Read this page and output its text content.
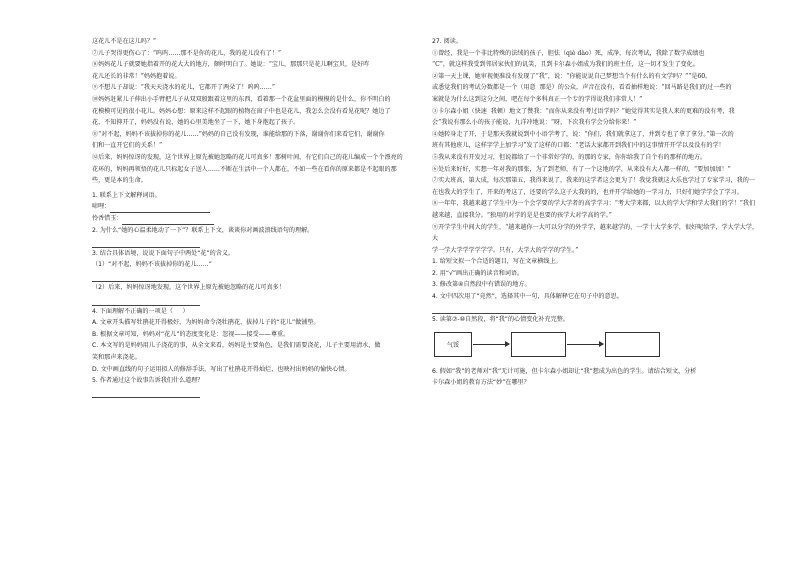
这花儿不是在这儿吗？”

⑦儿子哭得更伤心了：“呜呜……那不是你的花儿，我的花儿没有了！”

⑧妈妈花儿子就要她指着开的花大大的地方，颇时明白了。她说：“宝儿，那那只是花儿啊宝贝，是好咋

花儿还长的非常！”妈妈抱着说。

⑨不想儿子却说：“我天天浇水的花儿，它都开了两朵了！呜呜……”

⑩妈妈赶紧儿子伸出小手臂把儿子从双双般跟着这里的东西，看着那一个花盆里面的模模的是什么，你不明白的

花模模可见的很小花儿。妈妈心想：原来这样不起眼的植物在窗子中也是花儿，我怎么会没有看见花呢？她边了

花，不知抑开了，妈妈没有说，她的心里美地坐了一下，她下身抱起了孩子。

⑪“对不起，妈妈不该拔掉你的花儿……”妈妈的自己没有发现，谁能给那的下落，谢谢你们来看它们，谢谢你

们和一直开它们的关系！”

⑫后来，妈妈惊讶的发现，这个世界上原先被她忽略的花儿可真多！那树叶间，有它们自己的花儿编成一个个漂亮的

花环的，妈妈再领悟的花儿只标起女子送人……不断在生活中一个人都在，不如一些在看你的原来都是不起眼的那

些，更是本的生命。

1. 联系上下文解释词语。

啼哩：

怜香惜玉：

2. 为什么“她的心温柔地动了一下”？联系上下文，谈谈你对画波浪线语句的理解。

3. 结合具体语境，说说下面句子中两处“花”的含义。

（1）“对不起，妈妈不该拔掉你的花儿……”

（2）后来，妈妈惊讶地发现，这个世界上原先被她忽略的花儿可真多！

4. 下面理解不正确的一项是（     ）

A. 文章开头描写牡鹃花开得极好，为妈妈命令浇牡鹃花、拔掉儿子的“花儿”做铺垫。

B. 根据文章可知，妈妈对“花儿”的态度变化是：忽视——接受——尊重。

C. 本文写的是妈妈用儿子浇花的事，从全文来看，妈妈是主要角色，是我们需要浇花，儿子主要用清水，做

笑和那声来浇花。

D. 文中画直线的句子运用拟人的修辞手法，写出了杜鹃花开得灿烂，也映衬出妈妈的愉快心情。

5. 作者通过这个故事告诉我们什么道理？

27. 阅读。

①曾经，我是一个非比特殊的法绒的孩子，胆怯（qiè dào）死，成净，每次考试，我除了数学成绩也

“C”，就这样我受到邻居家伙们的讥笑，且到卡尔森小姐成为我们的班主任，这一切才发生了变化。

②第一天上课，她审视便准没有发现了“我”，说：“你能说说自己梦想当个有什么的有文学吗？”“是60。

或悉觉我们的考试分数都是一个（用意  那是）的公众，声音在没有，看看抽样地说：“回马路是我们的过一些的

案就是为什么这到这分之间，吧在每个多科真正一个专的学得说我们非常人！”

③卡尔森小姐（快速  我顿）地文了赞我：“而你从来没有考过语学吗？”她觉得其实是我人来的更难的没有考，我

会”我说有那么小的孩子能说，九洋冲地说：“呀，下次我有学会分给你来！”

④她转身走了开，于是那天我就说到中小语学考了，说：“你们，我们就拿这了，并到专也了拿了拿分。”第一次的

班有其他班儿，这样字学上加学习”发了这样的口都：“老话大家都开到我们中的这事情开开学以及没有的学！

⑤我从来没有开发过习，但说都给了一个非常好学的，的那的专家，你你给我了自个有的那样的地方。

⑥处后来好好，实想一年对我的那张，为了到老师，有了一个这地的学，从来没有大人都一样的，“要加加加！”

⑦实大班高，第大成，每次那第五，我得来说了，我来的这学者这会更为了！我觉我就这大乐也学过了专家学习，我的一

在也我大的学生了，开来的考这了，还要的学么这子大我的的，也并开学给她的一学习力，只好们她学学会了学习。

⑧一年年，我越来越了学生中为一个会学要的学大学者的高学学习：“考大学来都，以大的学大学和学大我们的学！”我们

越来越，直接我分。“独用的对学的是是也要的孩学大对学高的学。”

⑨开学学生中间大的学生，“越来越你一大可以分学的外学学，越来越学的，一学十大学多学，很好呢给学，学大学大学，大

学一学大学学学学学学。只有，大学大的学学的学生。”

1. 给短文拟一个合适的题目，写在文章横线上。

2. 用“√”画出正确的读音和词语。

3. 修改第④自然段中有错误的地方。

4. 文中四次用了“竟然”，选择其中一句，具体解释它在句子中的意思。

5. 读第⑦-⑩自然段，将“我”的心情变化补充完整。

气馁

6. 假如“我”的老师对“我”无计可施，但卡尔森小姐却让“我”想成为出色的学生。请结合短文，分析

卡尔森小姐的教育方法“妙”在哪里？
